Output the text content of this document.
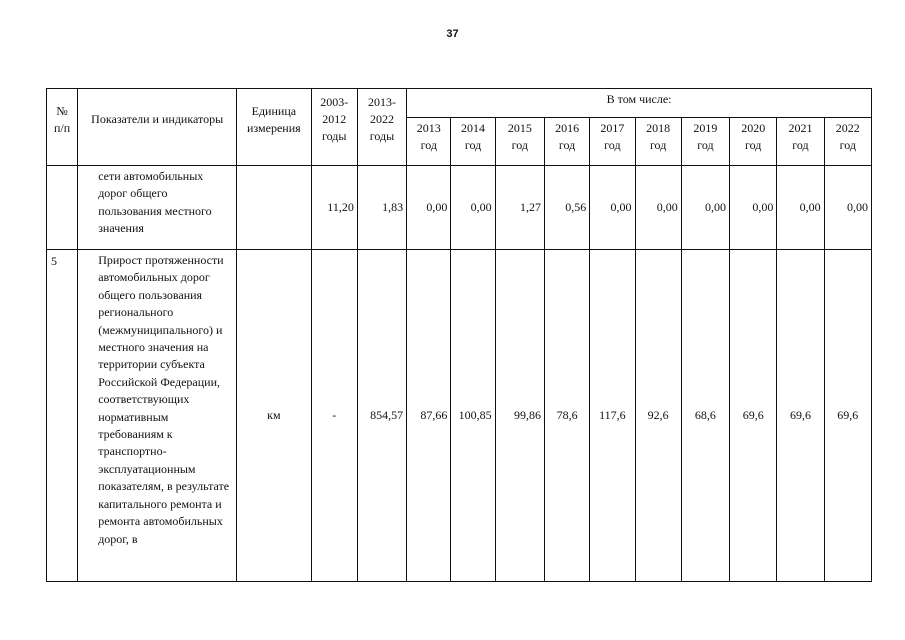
37
№ п/п	Показатели и индикаторы	Единица измерения	2003-2012 годы	2013-2022 годы	В том числе:									
					2013 год	2014 год	2015 год	2016 год	2017 год	2018 год	2019 год	2020 год	2021 год	2022 год
	сети автомобильных дорог общего пользования местного значения		11,20	1,83	0,00	0,00	1,27	0,56	0,00	0,00	0,00	0,00	0,00	0,00
5	Прирост протяженности автомобильных дорог общего пользования регионального (межмуниципального) и местного значения на территории субъекта Российской Федерации, соответствующих нормативным требованиям к транспортно-эксплуатационным показателям, в результате капитального ремонта и ремонта автомобильных дорог, в	км	-	854,57	87,66	100,85	99,86	78,6	117,6	92,6	68,6	69,6	69,6	69,6
